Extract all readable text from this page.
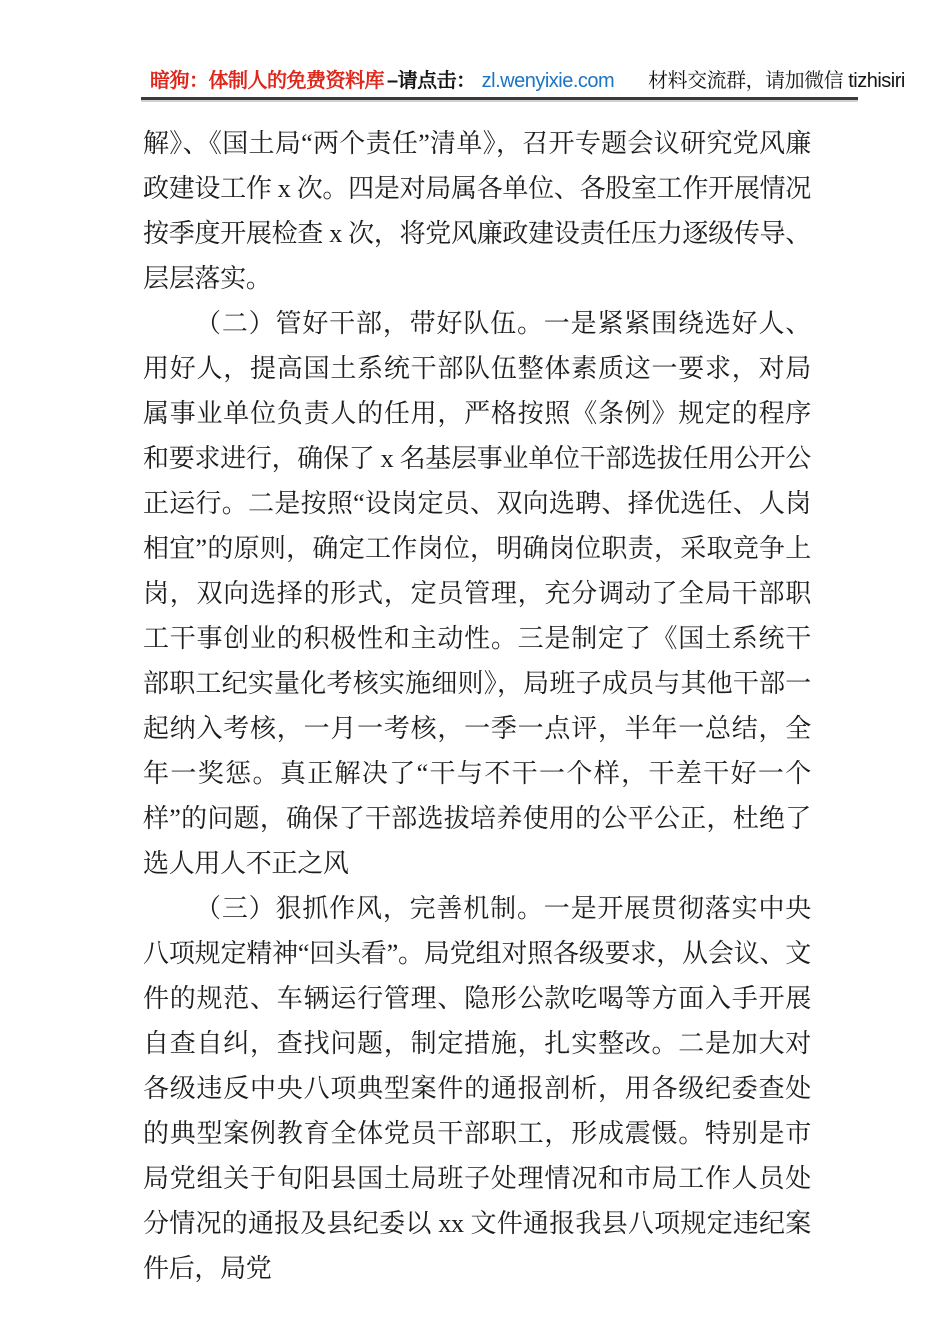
暗狗：体制人的免费资料库 –请点击： zl.wenyixie.com 材料交流群，请加微信 tizhisiri

解》、《国土局“两个责任”清单》，召开专题会议研究党风廉政建设工作 x 次。四是对局属各单位、各股室工作开展情况按季度开展检查 x 次，将党风廉政建设责任压力逐级传导、层层落实。

（二）管好干部，带好队伍。一是紧紧围绕选好人、用好人，提高国土系统干部队伍整体素质这一要求，对局属事业单位负责人的任用，严格按照《条例》规定的程序和要求进行，确保了 x 名基层事业单位干部选拔任用公开公正运行。二是按照“设岗定员、双向选聘、择优选任、人岗相宜”的原则，确定工作岗位，明确岗位职责，采取竞争上岗，双向选择的形式，定员管理，充分调动了全局干部职工干事创业的积极性和主动性。三是制定了《国土系统干部职工纪实量化考核实施细则》，局班子成员与其他干部一起纳入考核，一月一考核，一季一点评，半年一总结，全年一奖惩。真正解决了“干与不干一个样，干差干好一个样”的问题，确保了干部选拔培养使用的公平公正，杜绝了选人用人不正之风

（三）狠抓作风，完善机制。一是开展贯彻落实中央八项规定精神“回头看”。局党组对照各级要求，从会议、文件的规范、车辆运行管理、隐形公款吃喝等方面入手开展自查自纠，查找问题，制定措施，扎实整改。二是加大对各级违反中央八项典型案件的通报剖析，用各级纪委查处的典型案例教育全体党员干部职工，形成震慑。特别是市局党组关于旬阳县国土局班子处理情况和市局工作人员处分情况的通报及县纪委以 xx 文件通报我县八项规定违纪案件后，局党
